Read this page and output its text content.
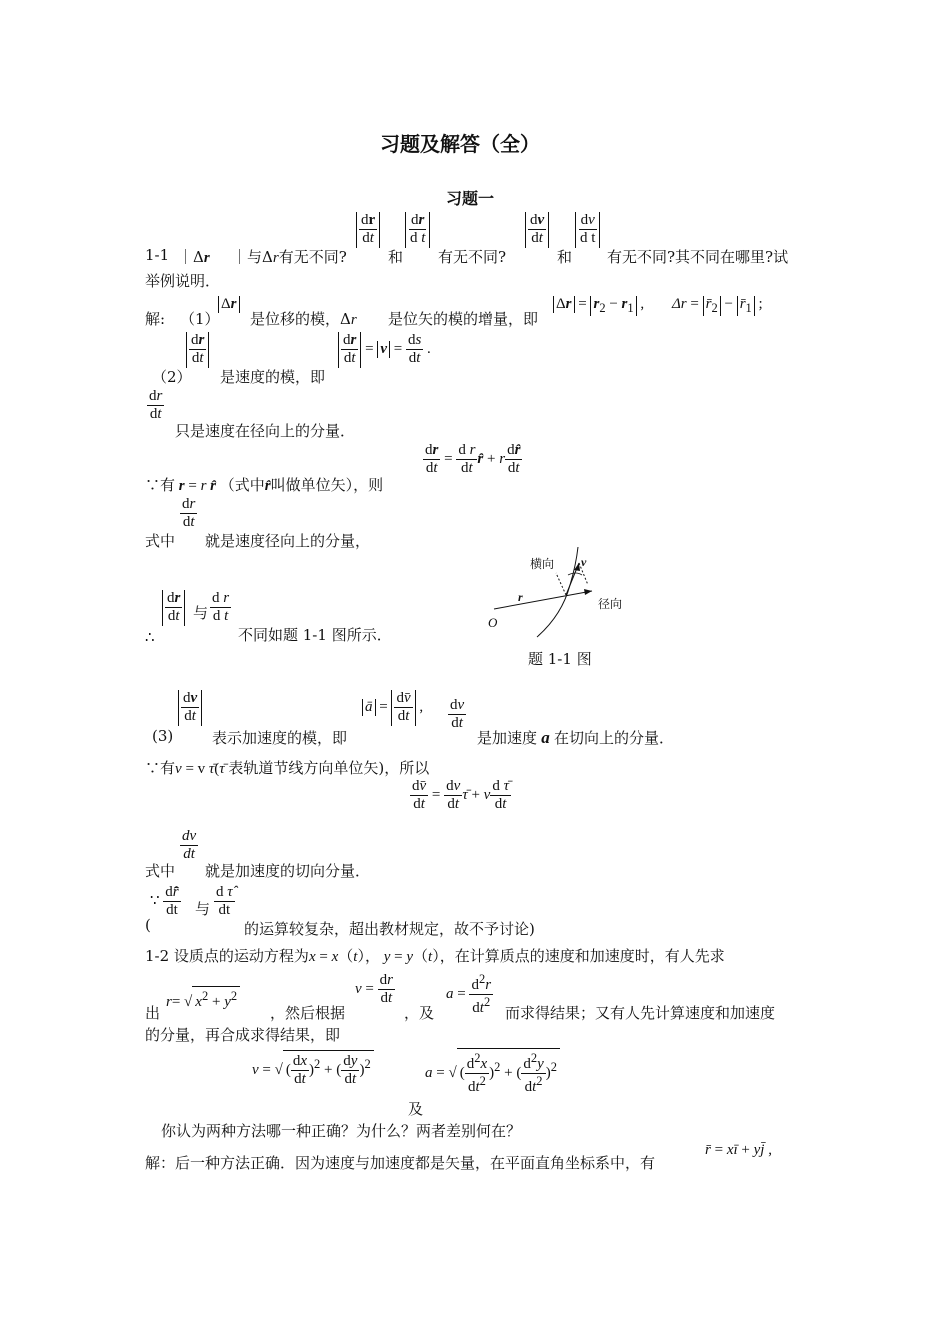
习题及解答（全）
习题一
1-1 ｜Δr ｜与Δr有无不同?
$\frac{dr}{dt}$
和
$\frac{dr}{\text{d t}}$
有无不同?
$\frac{dv}{dt}$
和
$\frac{dv}{\text{d t}}$
有无不同?其不同在哪里?试
举例说明．
解: （1）
Δr
是位移的模，Δr 是位矢的模的增量，即
$\Delta r = r_2 - r_1$ , $\Delta r = r̄_2$ − $r̄_1$ ;
（2）
$\frac{dr}{dt}$
是速度的模，即
$\frac{dr}{dt} = v = \frac{ds}{dt}$ .
$\frac{dr}{dt}$
只是速度在径向上的分量．
$\frac{dr}{dt} = \frac{\text{d r}}{dt}$ r̂ + r $\frac{dr̂}{dt}$
∵有 r = r r̂ （式中r̂叫做单位矢），则
$\frac{dr}{dt}$
式中 就是速度径向上的分量，
∴
$\frac{dr}{dt}$ 与 $\frac{\text{d r}}{\text{d t}}$
不同如题 1-1 图所示．
横向 v
径向
r
O
题 1-1 图
(3)
$\frac{dv}{dt}$
表示加速度的模，即
ā = $\frac{dv̄}{dt}$ , $\frac{dv}{dt}$
是加速度 a 在切向上的分量．
∵有v = v τ̄(τ̄ 表轨道节线方向单位矢)，所以
$\frac{dv̄}{dt} = \frac{dv}{dt}$ τ̄ + v $\frac{\text{d τ̄}}{dt}$
$\frac{dv}{dt}$
式中 就是加速度的切向分量．
∵ $\frac{dr̂̄}{dt}$
(
与 $\frac{\text{d τ̂}}{dt}$
的运算较复杂，超出教材规定，故不予讨论)
1-2 设质点的运动方程为x = x（t）， y = y（t），在计算质点的速度和加速度时，有人先求
出
r= √ $x^2 + y^2$
，然后根据
$v = \frac{dr}{dt}$
，及
$a = \frac{d^2r}{dt^2}$ 而求得结果；又有人先计算速度和加速度
的分量，再合成求得结果，即
v = √ ( $\frac{dx}{dt} )^2$ + ( $\frac{dy}{dt} )^2$
及
a = √ ( $\frac{d^2x}{dt^2} )^2$ + ( $\frac{d^2y}{dt^2} )^2$
你认为两种方法哪一种正确？为什么？两者差别何在？
解：后一种方法正确．因为速度与加速度都是矢量，在平面直角坐标系中，有
r̄ = xī + yj̄ ,
